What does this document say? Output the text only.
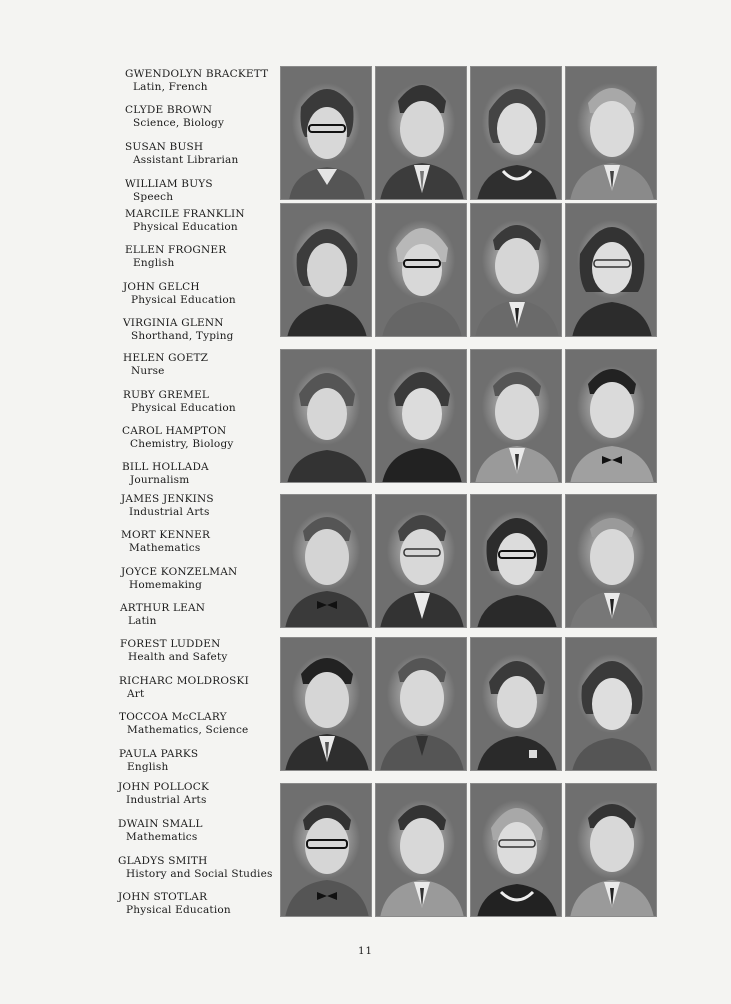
GWENDOLYN BRACKETT
Latin, French
CLYDE BROWN
Science, Biology
SUSAN BUSH
Assistant Librarian
WILLIAM BUYS
Speech
MARCILE FRANKLIN
Physical Education
ELLEN FROGNER
English
JOHN GELCH
Physical Education
VIRGINIA GLENN
Shorthand, Typing
HELEN GOETZ
Nurse
RUBY GREMEL
Physical Education
CAROL HAMPTON
Chemistry, Biology
BILL HOLLADA
Journalism
JAMES JENKINS
Industrial Arts
MORT KENNER
Mathematics
JOYCE KONZELMAN
Homemaking
ARTHUR LEAN
Latin
FOREST LUDDEN
Health and Safety
RICHARC MOLDROSKI
Art
TOCCOA McCLARY
Mathematics, Science
PAULA PARKS
English
JOHN POLLOCK
Industrial Arts
DWAIN SMALL
Mathematics
GLADYS SMITH
History and Social Studies
JOHN STOTLAR
Physical Education
11
